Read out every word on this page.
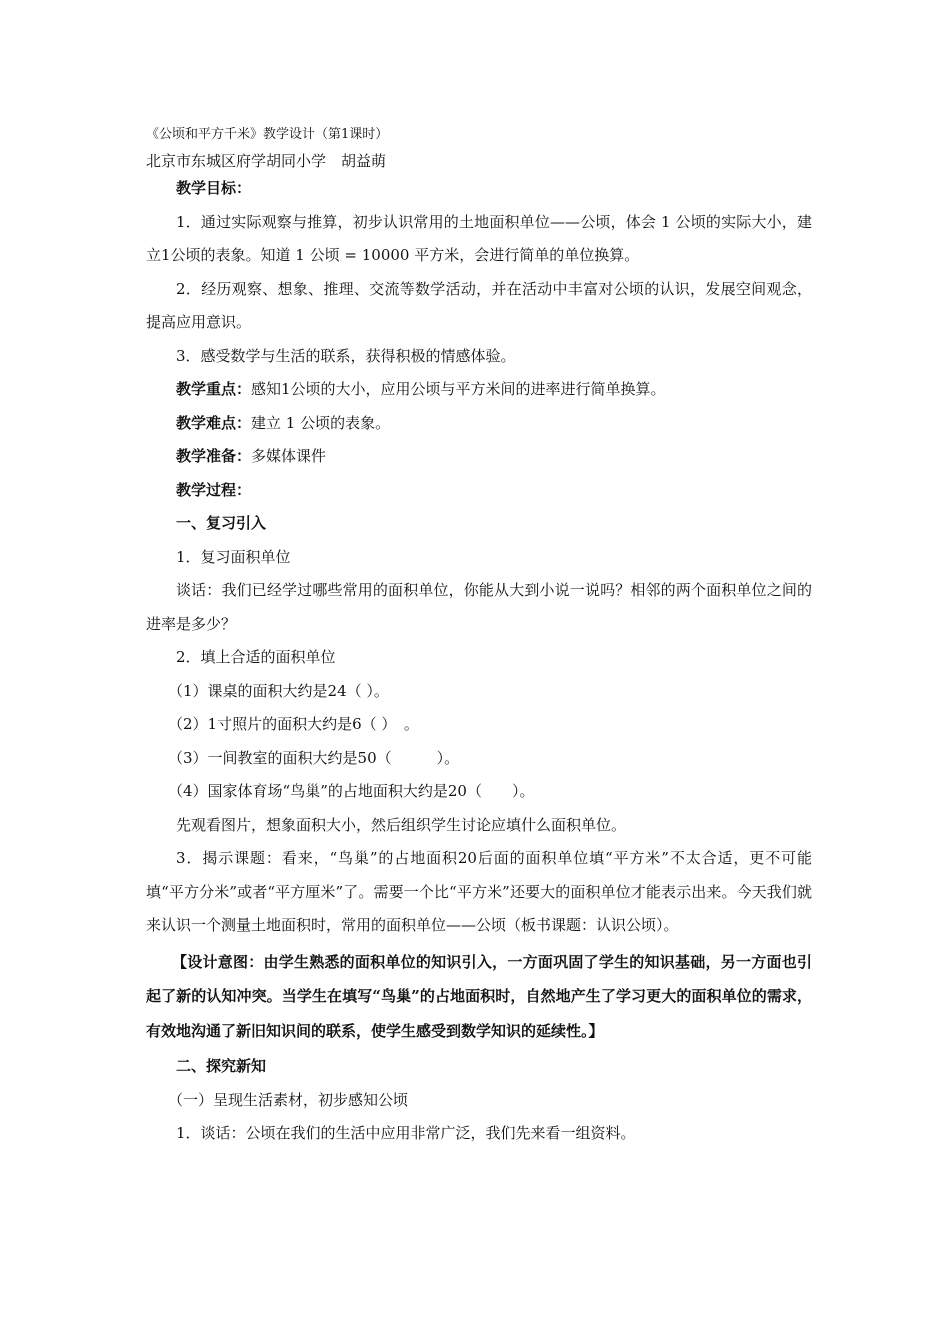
《公顷和平方千米》教学设计（第1课时）
北京市东城区府学胡同小学　胡益萌

教学目标：

1．通过实际观察与推算，初步认识常用的土地面积单位——公顷，体会 1 公顷的实际大小，建立1公顷的表象。知道 1 公顷 = 10000 平方米，会进行简单的单位换算。

2．经历观察、想象、推理、交流等数学活动，并在活动中丰富对公顷的认识，发展空间观念，提高应用意识。

3．感受数学与生活的联系，获得积极的情感体验。

教学重点：感知1公顷的大小，应用公顷与平方米间的进率进行简单换算。

教学难点：建立 1 公顷的表象。

教学准备：多媒体课件

教学过程：

一、复习引入

1．复习面积单位

谈话：我们已经学过哪些常用的面积单位，你能从大到小说一说吗？相邻的两个面积单位之间的进率是多少？

2．填上合适的面积单位

（1）课桌的面积大约是24（ ）。

（2）1寸照片的面积大约是6（ ）　。

（3）一间教室的面积大约是50（　　　）。

（4）国家体育场“鸟巢”的占地面积大约是20（　　）。

先观看图片，想象面积大小，然后组织学生讨论应填什么面积单位。

3．揭示课题：看来，“鸟巢”的占地面积20后面的面积单位填“平方米”不太合适，更不可能填“平方分米”或者“平方厘米”了。需要一个比“平方米”还要大的面积单位才能表示出来。今天我们就来认识一个测量土地面积时，常用的面积单位——公顷（板书课题：认识公顷）。

【设计意图：由学生熟悉的面积单位的知识引入，一方面巩固了学生的知识基础，另一方面也引起了新的认知冲突。当学生在填写“鸟巢”的占地面积时，自然地产生了学习更大的面积单位的需求，有效地沟通了新旧知识间的联系，使学生感受到数学知识的延续性。】

二、探究新知

（一）呈现生活素材，初步感知公顷

1．谈话：公顷在我们的生活中应用非常广泛，我们先来看一组资料。
